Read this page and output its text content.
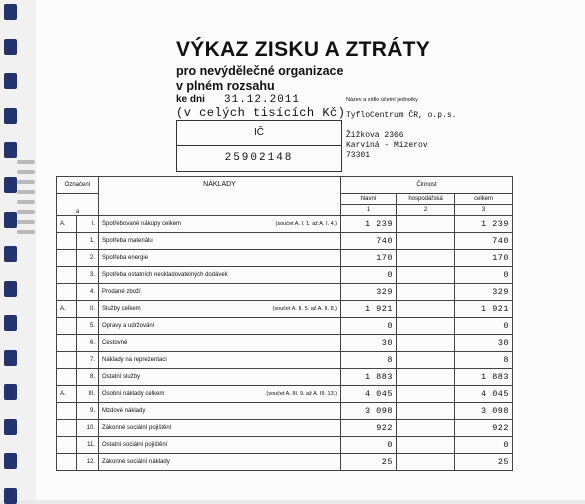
VÝKAZ ZISKU A ZTRÁTY
pro nevýdělečné organizace
v plném rozsahu
ke dni 31.12.2011
(v celých tisících Kč)
IČ
25902148
Název a sídlo účetní jednotky
TyfloCentrum ČR, o.p.s.
Žižkova 2366
Karviná - Mizerov
73301
Označení		NÁKLADY	Činnost		
a			hlavní	hospodářská	celkem
			1	2	3
A.	I.	Spotřebované nákupy celkem (součet A. I. 1. až A. I. 4.)	1 239		1 239
	1.	Spotřeba materiálu	740		740
	2.	Spotřeba energie	170		170
	3.	Spotřeba ostatních neskladovatelných dodávek	0		0
	4.	Prodané zboží	329		329
A.	II.	Služby celkem (součet A. II. 5. až A. II. 8.)	1 921		1 921
	5.	Opravy a udržování	0		0
	6.	Cestovné	30		30
	7.	Náklady na reprezentaci	8		8
	8.	Ostatní služby	1 883		1 883
A.	III.	Osobní náklady celkem (součet A. III. 9. až A. III. 13.)	4 045		4 045
	9.	Mzdové náklady	3 098		3 098
	10.	Zákonné sociální pojištění	922		922
	11.	Ostatní sociální pojištění	0		0
	12.	Zákonné sociální náklady	25		25
